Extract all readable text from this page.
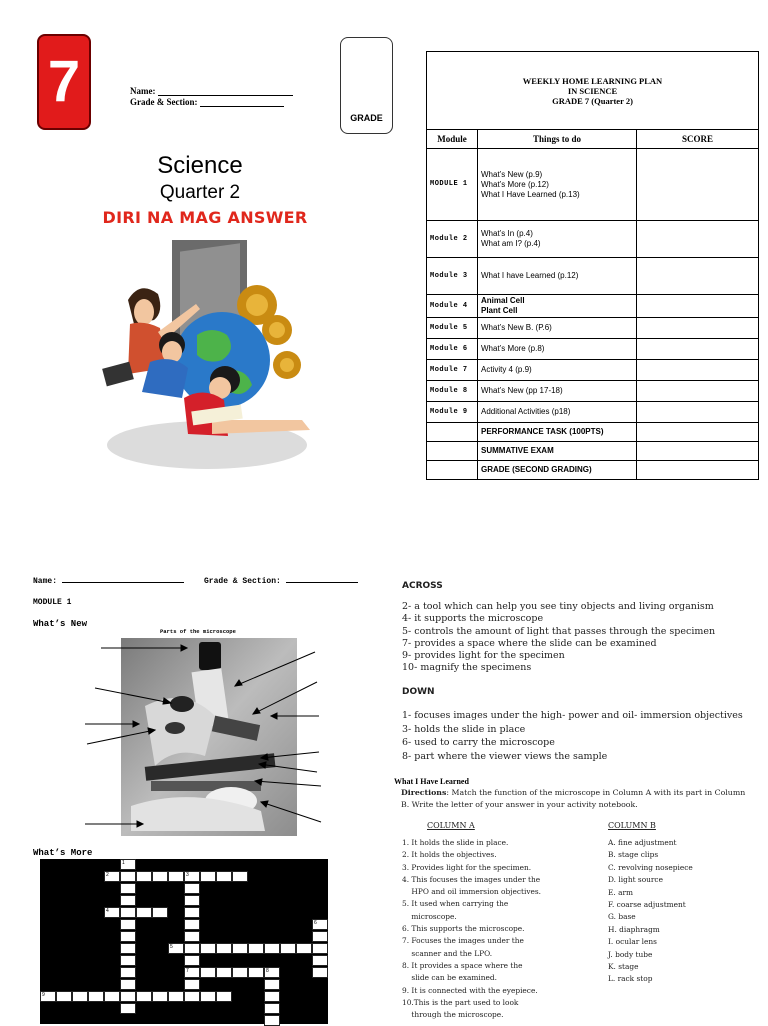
7	Name:
Grade & Section:
GRADE
Science
Quarter 2
DIRI NA MAG ANSWER
WEEKLY HOME LEARNING PLAN
IN SCIENCE
GRADE 7 (Quarter 2)		

Module	Things to do	SCORE
MODULE 1	What’s New (p.9)
What’s More (p.12)
What I Have Learned (p.13)	
Module 2	What’s In (p.4)
What am I? (p.4)	
Module 3	What I have Learned (p.12)	
Module 4	Animal Cell
Plant Cell	
Module 5	What’s New B. (P.6)	
Module 6	What’s More (p.8)	
Module 7	Activity 4 (p.9)	
Module 8	What’s New (pp 17-18)	
Module 9	Additional Activities (p18)	
	PERFORMANCE TASK (100PTS)	
	SUMMATIVE EXAM	
	GRADE (SECOND GRADING)	
Name:	Grade & Section:
MODULE 1
What’s New
Parts of the microscope
What’s More
1
2	3
4
5
6
7	8
9
ACROSS
2- a tool which can help you see tiny objects and living organism
4- it supports the microscope
5- controls the amount of light that passes through the specimen
7- provides a space where the slide can be examined
9- provides light for the specimen
10- magnify the specimens
DOWN
1- focuses images under the high- power and oil- immersion objectives
3- holds the slide in place
6- used to carry the microscope
8- part where the viewer views the sample
What I Have Learned
Directions: Match the function of the microscope in Column A with its part in Column B. Write the letter of your answer in your activity notebook.
COLUMN A	COLUMN B
1. It holds the slide in place.
2. It holds the objectives.
3. Provides light for the specimen.
4. This focuses the images under the
HPO and oil immersion objectives.
5. It used when carrying the
microscope.
6. This supports the microscope.
7. Focuses the images under the
scanner and the LPO.
8. It provides a space where the
slide can be examined.
9. It is connected with the eyepiece.
10.This is the part used to look
through the microscope.
A. fine adjustment
B. stage clips
C. revolving nosepiece
D. light source
E. arm
F. coarse adjustment
G. base
H. diaphragm
I. ocular lens
J. body tube
K. stage
L. rack stop
